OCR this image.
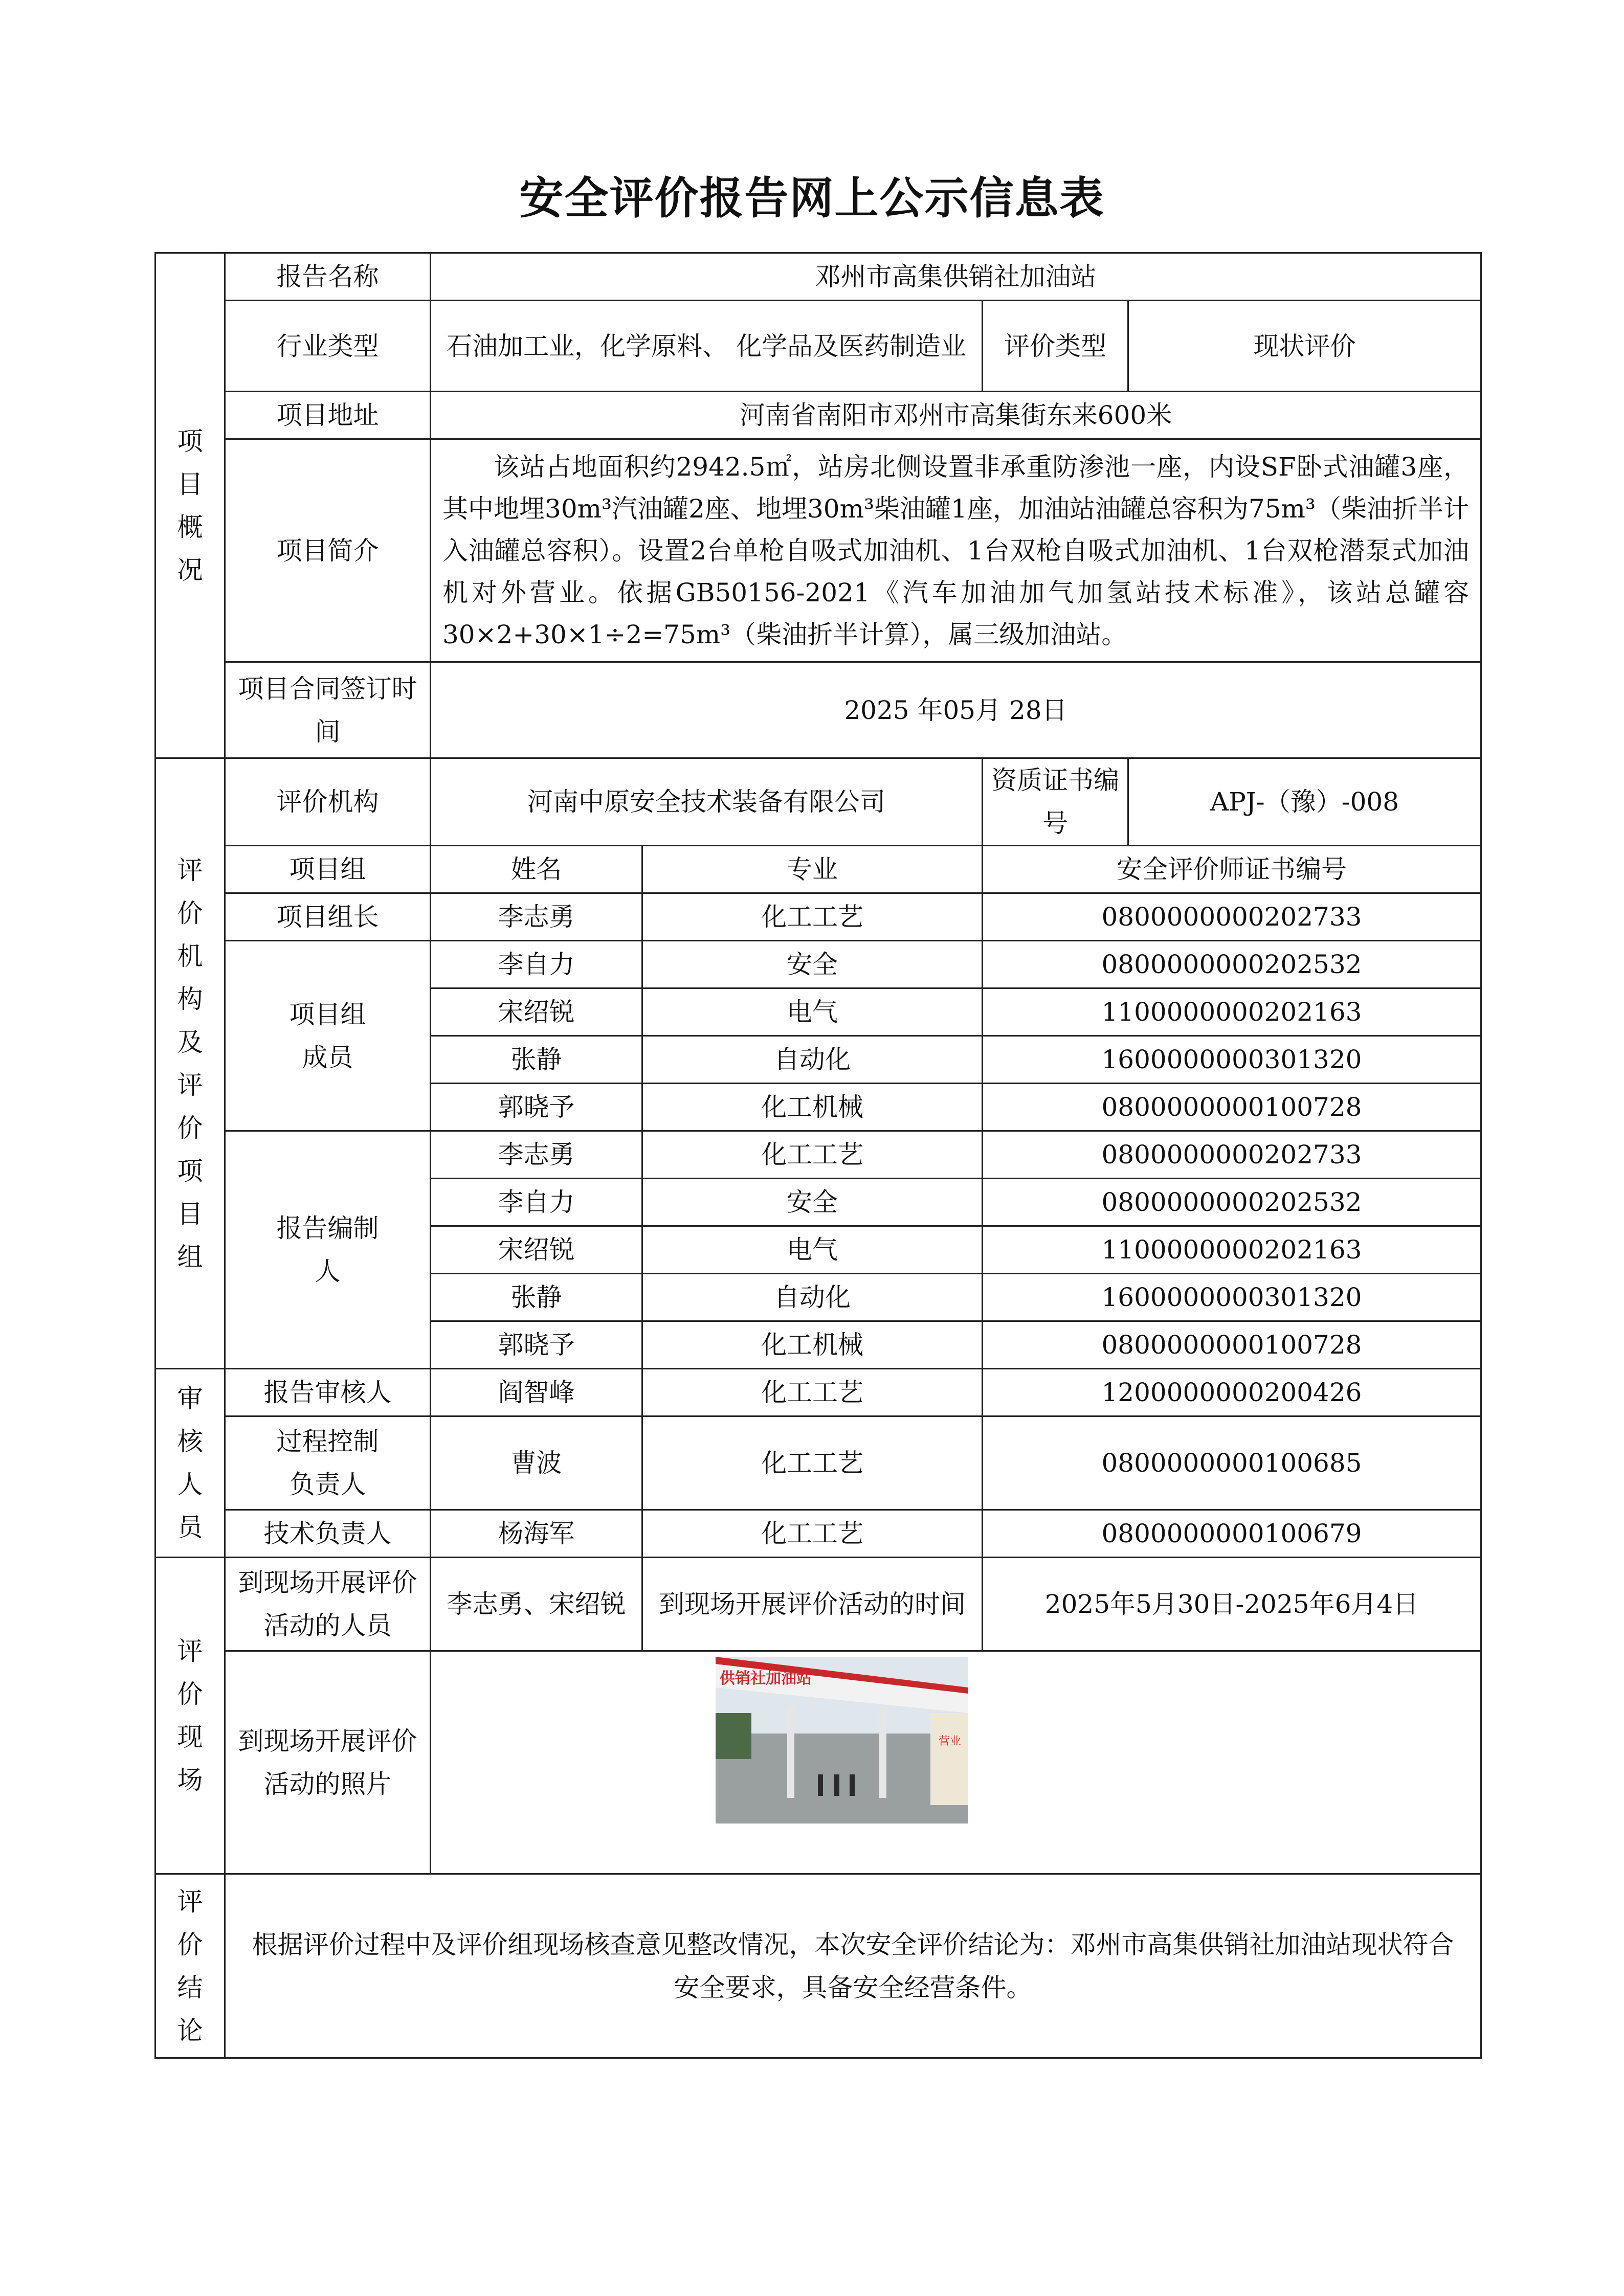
安全评价报告网上公示信息表
项目概况	报告名称	邓州市高集供销社加油站			
	行业类型	石油加工业，化学原料、 化学品及医药制造业		评价类型	现状评价
	项目地址	河南省南阳市邓州市高集街东来600米			
	项目简介	该站占地面积约2942.5㎡，站房北侧设置非承重防渗池一座，内设SF卧式油罐3座，其中地埋30m³汽油罐2座、地埋30m³柴油罐1座，加油站油罐总容积为75m³（柴油折半计入油罐总容积）。设置2台单枪自吸式加油机、1台双枪自吸式加油机、1台双枪潜泵式加油机对外营业。依据GB50156-2021《汽车加油加气加氢站技术标准》，该站总罐容30×2+30×1÷2=75m³（柴油折半计算），属三级加油站。			
	项目合同签订时间	2025 年05月 28日			

评价机构及评价项目组	评价机构	河南中原安全技术装备有限公司		资质证书编号	APJ-（豫）-008
	项目组	姓名	专业	安全评价师证书编号	
	项目组长	李志勇	化工工艺	0800000000202733	
	项目组成员	李自力	安全	0800000000202532	
		宋绍锐	电气	1100000000202163	
		张静	自动化	1600000000301320	
		郭晓予	化工机械	0800000000100728	
	报告编制人	李志勇	化工工艺	0800000000202733	
		李自力	安全	0800000000202532	
		宋绍锐	电气	1100000000202163	
		张静	自动化	1600000000301320	
		郭晓予	化工机械	0800000000100728	

审核人员	报告审核人	阎智峰	化工工艺	1200000000200426	
	过程控制负责人	曹波	化工工艺	0800000000100685	
	技术负责人	杨海军	化工工艺	0800000000100679	

评价现场	到现场开展评价活动的人员	李志勇、宋绍锐	到现场开展评价活动的时间	2025年5月30日-2025年6月4日	
	到现场开展评价活动的照片	供销社加油站
营业			

评价结论	根据评价过程中及评价组现场核查意见整改情况，本次安全评价结论为：邓州市高集供销社加油站现状符合安全要求，具备安全经营条件。				
